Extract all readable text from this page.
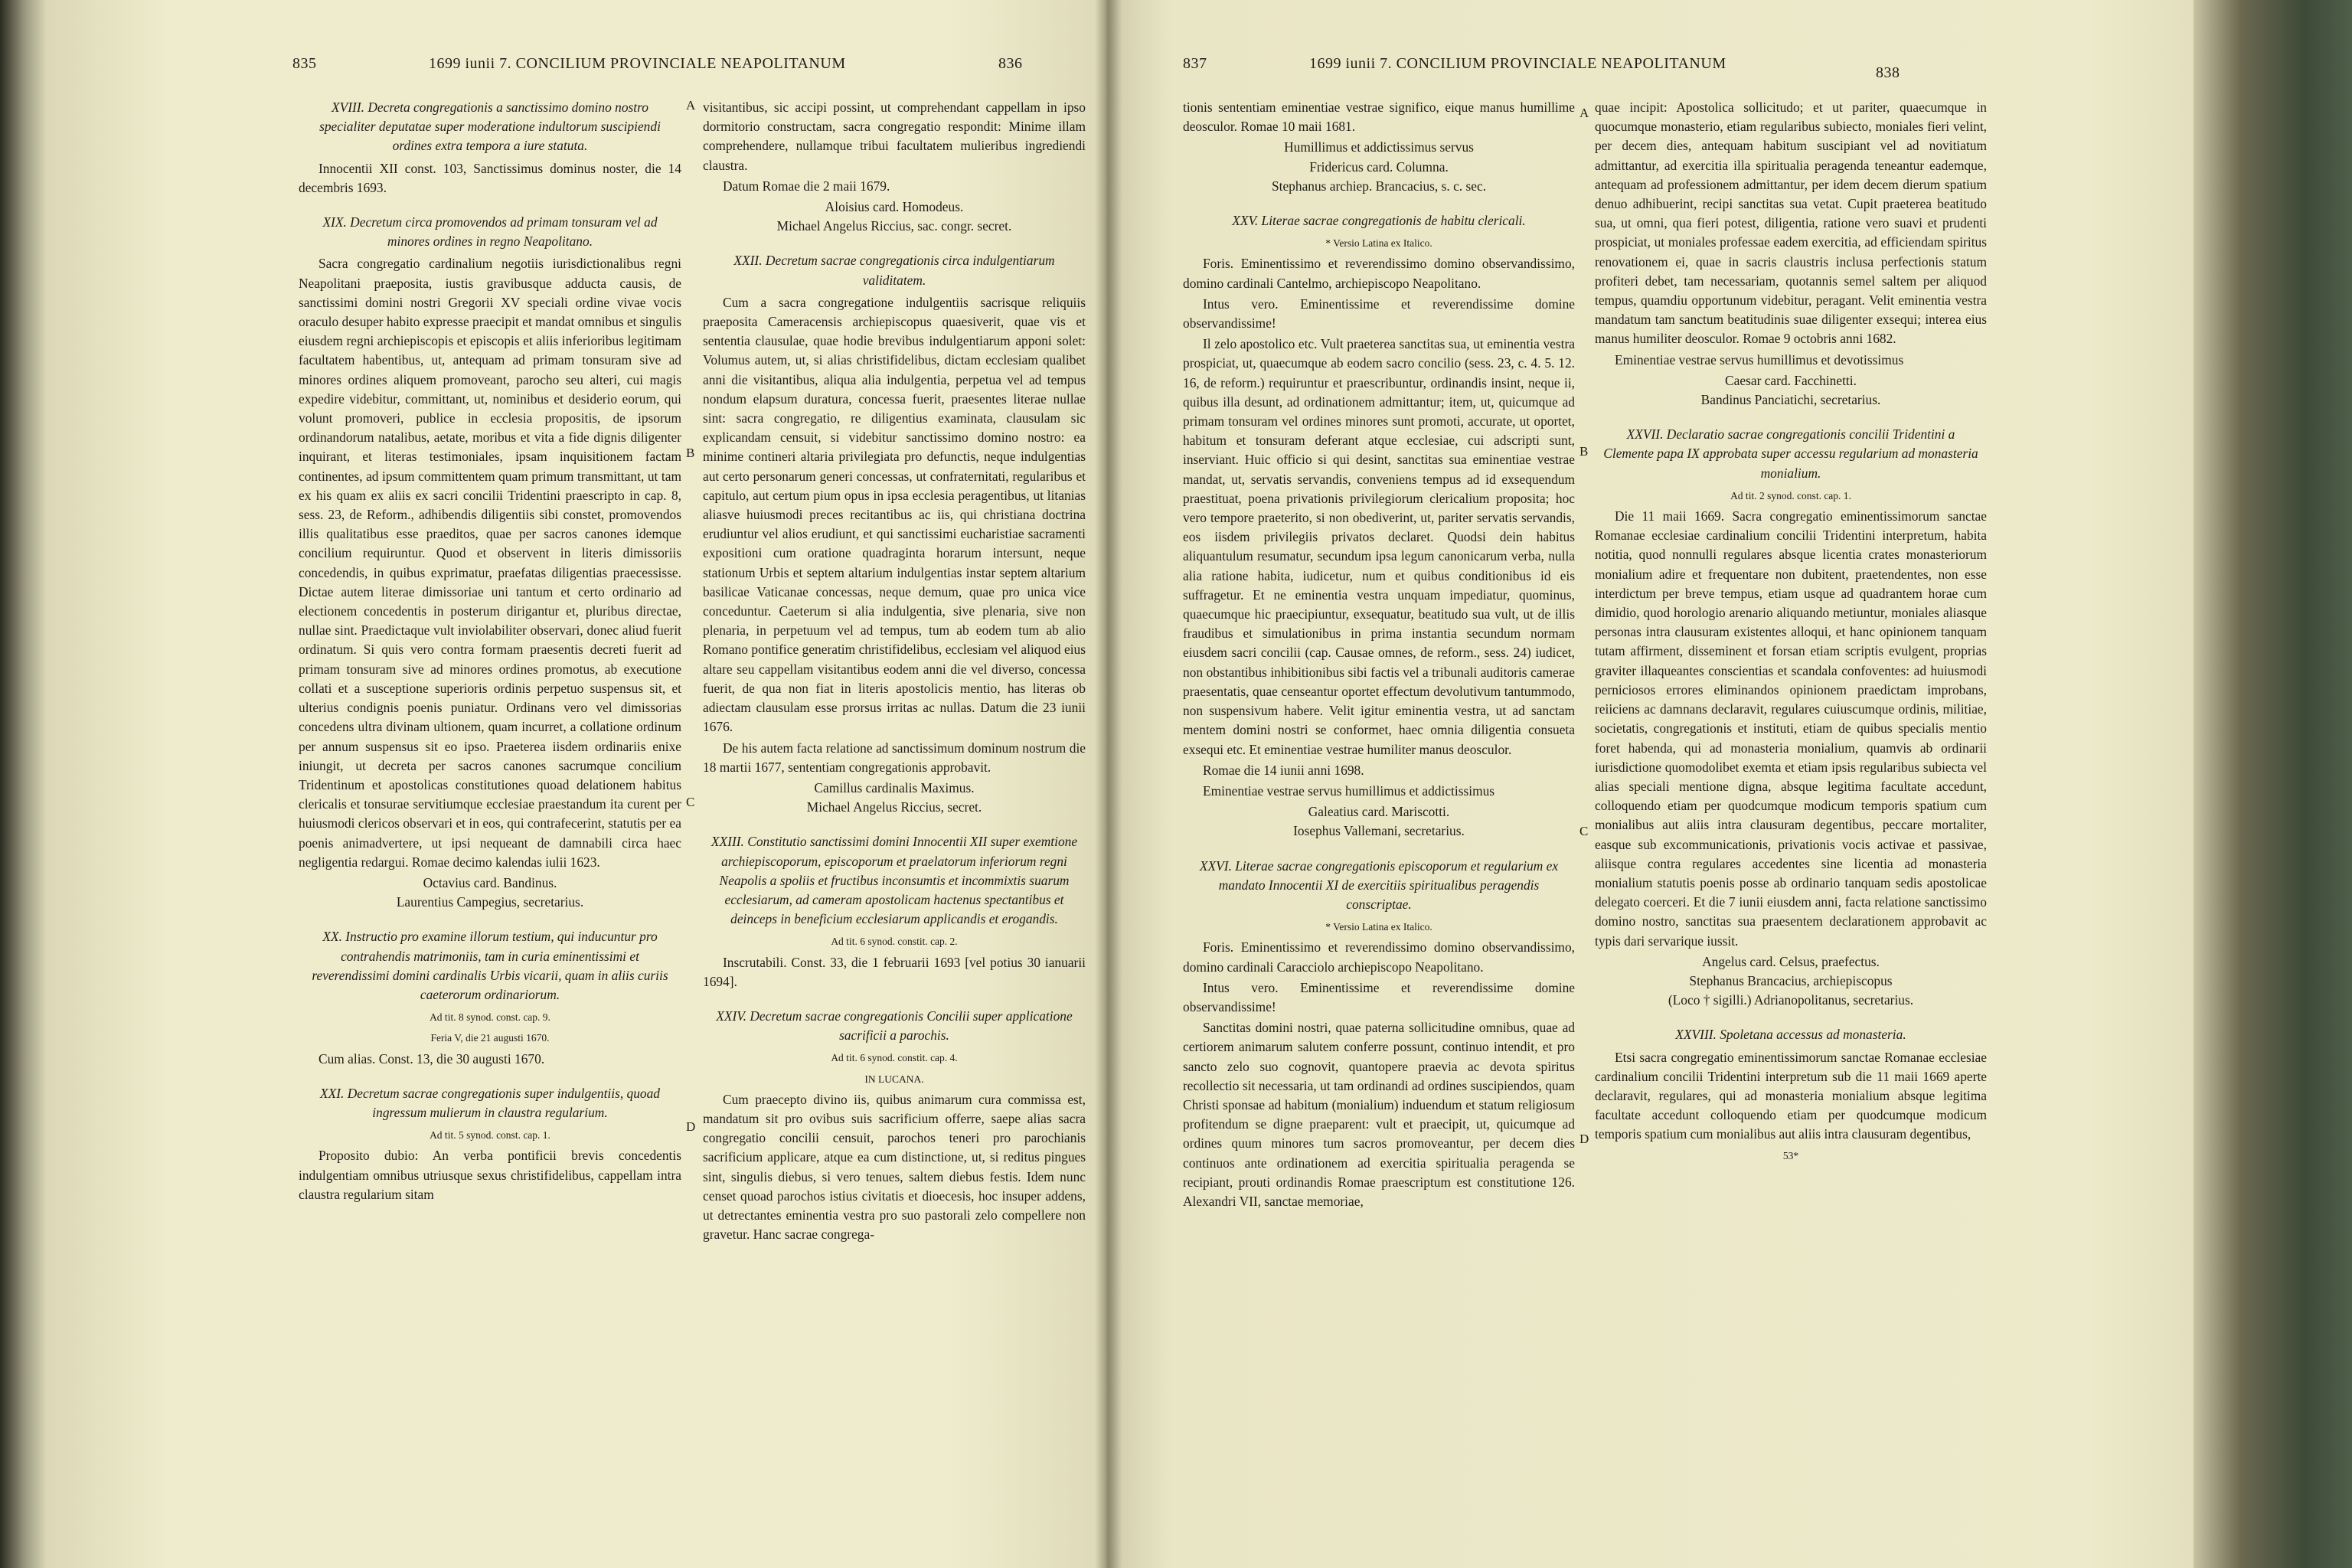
835	1699 iunii 7. CONCILIUM PROVINCIALE NEAPOLITANUM	836

XVIII. Decreta congregationis a sanctissimo domino nostro specialiter deputatae super moderatione indultorum suscipiendi ordines extra tempora a iure statuta.

Innocentii XII const. 103, Sanctissimus dominus noster, die 14 decembris 1693.

XIX. Decretum circa promovendos ad primam tonsuram vel ad minores ordines in regno Neapolitano.

Sacra congregatio cardinalium negotiis iurisdictionalibus regni Neapolitani praeposita, iustis gravibusque adducta causis, de sanctissimi domini nostri Gregorii XV speciali ordine vivae vocis oraculo desuper habito expresse praecipit et mandat omnibus et singulis eiusdem regni archiepiscopis et episcopis et aliis inferioribus legitimam facultatem habentibus, ut, antequam ad primam tonsuram sive ad minores ordines aliquem promoveant, parocho seu alteri, cui magis expedire videbitur, committant, ut, nominibus et desiderio eorum, qui volunt promoveri, publice in ecclesia propositis, de ipsorum ordinandorum natalibus, aetate, moribus et vita a fide dignis diligenter inquirant, et literas testimoniales, ipsam inquisitionem factam continentes, ad ipsum committentem quam primum transmittant, ut tam ex his quam ex aliis ex sacri concilii Tridentini praescripto in cap. 8, sess. 23, de Reform., adhibendis diligentiis sibi constet, promovendos illis qualitatibus esse praeditos, quae per sacros canones idemque concilium requiruntur. Quod et observent in literis dimissoriis concedendis, in quibus exprimatur, praefatas diligentias praecessisse. Dictae autem literae dimissoriae uni tantum et certo ordinario ad electionem concedentis in posterum dirigantur et, pluribus directae, nullae sint. Praedictaque vult inviolabiliter observari, donec aliud fuerit ordinatum. Si quis vero contra formam praesentis decreti fuerit ad primam tonsuram sive ad minores ordines promotus, ab executione collati et a susceptione superioris ordinis perpetuo suspensus sit, et ulterius condignis poenis puniatur. Ordinans vero vel dimissorias concedens ultra divinam ultionem, quam incurret, a collatione ordinum per annum suspensus sit eo ipso. Praeterea iisdem ordinariis enixe iniungit, ut decreta per sacros canones sacrumque concilium Tridentinum et apostolicas constitutiones quoad delationem habitus clericalis et tonsurae servitiumque ecclesiae praestandum ita curent per huiusmodi clericos observari et in eos, qui contrafecerint, statutis per ea poenis animadvertere, ut ipsi nequeant de damnabili circa haec negligentia redargui. Romae decimo kalendas iulii 1623.

Octavius card. Bandinus.

Laurentius Campegius, secretarius.

XX. Instructio pro examine illorum testium, qui inducuntur pro contrahendis matrimoniis, tam in curia eminentissimi et reverendissimi domini cardinalis Urbis vicarii, quam in aliis curiis caeterorum ordinariorum.

Ad tit. 8 synod. const. cap. 9.

Feria V, die 21 augusti 1670.

Cum alias. Const. 13, die 30 augusti 1670.

XXI. Decretum sacrae congregationis super indulgentiis, quoad ingressum mulierum in claustra regularium.

Ad tit. 5 synod. const. cap. 1.

Proposito dubio: An verba pontificii brevis concedentis indulgentiam omnibus utriusque sexus christifidelibus, cappellam intra claustra regularium sitam

visitantibus, sic accipi possint, ut comprehendant cappellam in ipso dormitorio constructam, sacra congregatio respondit: Minime illam comprehendere, nullamque tribui facultatem mulieribus ingrediendi claustra.

Datum Romae die 2 maii 1679.

Aloisius card. Homodeus.

Michael Angelus Riccius, sac. congr. secret.

XXII. Decretum sacrae congregationis circa indulgentiarum validitatem.

Cum a sacra congregatione indulgentiis sacrisque reliquiis praeposita Cameracensis archiepiscopus quaesiverit, quae vis et sententia clausulae, quae hodie brevibus indulgentiarum apponi solet: Volumus autem, ut, si alias christifidelibus, dictam ecclesiam qualibet anni die visitantibus, aliqua alia indulgentia, perpetua vel ad tempus nondum elapsum duratura, concessa fuerit, praesentes literae nullae sint: sacra congregatio, re diligentius examinata, clausulam sic explicandam censuit, si videbitur sanctissimo domino nostro: ea minime contineri altaria privilegiata pro defunctis, neque indulgentias aut certo personarum generi concessas, ut confraternitati, regularibus et capitulo, aut certum pium opus in ipsa ecclesia peragentibus, ut litanias aliasve huiusmodi preces recitantibus ac iis, qui christiana doctrina erudiuntur vel alios erudiunt, et qui sanctissimi eucharistiae sacramenti expositioni cum oratione quadraginta horarum intersunt, neque stationum Urbis et septem altarium indulgentias instar septem altarium basilicae Vaticanae concessas, neque demum, quae pro unica vice conceduntur. Caeterum si alia indulgentia, sive plenaria, sive non plenaria, in perpetuum vel ad tempus, tum ab eodem tum ab alio Romano pontifice generatim christifidelibus, ecclesiam vel aliquod eius altare seu cappellam visitantibus eodem anni die vel diverso, concessa fuerit, de qua non fiat in literis apostolicis mentio, has literas ob adiectam clausulam esse prorsus irritas ac nullas. Datum die 23 iunii 1676.

De his autem facta relatione ad sanctissimum dominum nostrum die 18 martii 1677, sententiam congregationis approbavit.

Camillus cardinalis Maximus.

Michael Angelus Riccius, secret.

XXIII. Constitutio sanctissimi domini Innocentii XII super exemtione archiepiscoporum, episcoporum et praelatorum inferiorum regni Neapolis a spoliis et fructibus inconsumtis et incommixtis suarum ecclesiarum, ad cameram apostolicam hactenus spectantibus et deinceps in beneficium ecclesiarum applicandis et erogandis.

Ad tit. 6 synod. constit. cap. 2.

Inscrutabili. Const. 33, die 1 februarii 1693 [vel potius 30 ianuarii 1694].

XXIV. Decretum sacrae congregationis Concilii super applicatione sacrificii a parochis.

Ad tit. 6 synod. constit. cap. 4.

IN LUCANA.

Cum praecepto divino iis, quibus animarum cura commissa est, mandatum sit pro ovibus suis sacrificium offerre, saepe alias sacra congregatio concilii censuit, parochos teneri pro parochianis sacrificium applicare, atque ea cum distinctione, ut, si reditus pingues sint, singulis diebus, si vero tenues, saltem diebus festis. Idem nunc censet quoad parochos istius civitatis et dioecesis, hoc insuper addens, ut detrectantes eminentia vestra pro suo pastorali zelo compellere non gravetur. Hanc sacrae congrega-

A
B
C
D
837	1699 iunii 7. CONCILIUM PROVINCIALE NEAPOLITANUM
838

tionis sententiam eminentiae vestrae significo, eique manus humillime deosculor. Romae 10 maii 1681.

Humillimus et addictissimus servus

Fridericus card. Columna.

Stephanus archiep. Brancacius, s. c. sec.

XXV. Literae sacrae congregationis de habitu clericali.

* Versio Latina ex Italico.

Foris. Eminentissimo et reverendissimo domino observandissimo, domino cardinali Cantelmo, archiepiscopo Neapolitano.

Intus vero. Eminentissime et reverendissime domine observandissime!

Il zelo apostolico etc. Vult praeterea sanctitas sua, ut eminentia vestra prospiciat, ut, quaecumque ab eodem sacro concilio (sess. 23, c. 4. 5. 12. 16, de reform.) requiruntur et praescribuntur, ordinandis insint, neque ii, quibus illa desunt, ad ordinationem admittantur; item, ut, quicumque ad primam tonsuram vel ordines minores sunt promoti, accurate, ut oportet, habitum et tonsuram deferant atque ecclesiae, cui adscripti sunt, inserviant. Huic officio si qui desint, sanctitas sua eminentiae vestrae mandat, ut, servatis servandis, conveniens tempus ad id exsequendum praestituat, poena privationis privilegiorum clericalium proposita; hoc vero tempore praeterito, si non obediverint, ut, pariter servatis servandis, eos iisdem privilegiis privatos declaret. Quodsi dein habitus aliquantulum resumatur, secundum ipsa legum canonicarum verba, nulla alia ratione habita, iudicetur, num et quibus conditionibus id eis suffragetur. Et ne eminentia vestra unquam impediatur, quominus, quaecumque hic praecipiuntur, exsequatur, beatitudo sua vult, ut de illis fraudibus et simulationibus in prima instantia secundum normam eiusdem sacri concilii (cap. Causae omnes, de reform., sess. 24) iudicet, non obstantibus inhibitionibus sibi factis vel a tribunali auditoris camerae praesentatis, quae censeantur oportet effectum devolutivum tantummodo, non suspensivum habere. Velit igitur eminentia vestra, ut ad sanctam mentem domini nostri se conformet, haec omnia diligentia consueta exsequi etc. Et eminentiae vestrae humiliter manus deosculor.

Romae die 14 iunii anni 1698.

Eminentiae vestrae servus humillimus et addictissimus

Galeatius card. Mariscotti.

Iosephus Vallemani, secretarius.

XXVI. Literae sacrae congregationis episcoporum et regularium ex mandato Innocentii XI de exercitiis spiritualibus peragendis conscriptae.

* Versio Latina ex Italico.

Foris. Eminentissimo et reverendissimo domino observandissimo, domino cardinali Caracciolo archiepiscopo Neapolitano.

Intus vero. Eminentissime et reverendissime domine observandissime!

Sanctitas domini nostri, quae paterna sollicitudine omnibus, quae ad certiorem animarum salutem conferre possunt, continuo intendit, et pro sancto zelo suo cognovit, quantopere praevia ac devota spiritus recollectio sit necessaria, ut tam ordinandi ad ordines suscipiendos, quam Christi sponsae ad habitum (monialium) induendum et statum religiosum profitendum se digne praeparent: vult et praecipit, ut, quicumque ad ordines quum minores tum sacros promoveantur, per decem dies continuos ante ordinationem ad exercitia spiritualia peragenda se recipiant, prouti ordinandis Romae praescriptum est constitutione 126. Alexandri VII, sanctae memoriae,

quae incipit: Apostolica sollicitudo; et ut pariter, quaecumque in quocumque monasterio, etiam regularibus subiecto, moniales fieri velint, per decem dies, antequam habitum suscipiant vel ad novitiatum admittantur, ad exercitia illa spiritualia peragenda teneantur eademque, antequam ad professionem admittantur, per idem decem dierum spatium denuo adhibuerint, recipi sanctitas sua vetat. Cupit praeterea beatitudo sua, ut omni, qua fieri potest, diligentia, ratione vero suavi et prudenti prospiciat, ut moniales professae eadem exercitia, ad efficiendam spiritus renovationem ei, quae in sacris claustris inclusa perfectionis statum profiteri debet, tam necessariam, quotannis semel saltem per aliquod tempus, quamdiu opportunum videbitur, peragant. Velit eminentia vestra mandatum tam sanctum beatitudinis suae diligenter exsequi; interea eius manus humiliter deosculor. Romae 9 octobris anni 1682.

Eminentiae vestrae servus humillimus et devotissimus

Caesar card. Facchinetti.

Bandinus Panciatichi, secretarius.

XXVII. Declaratio sacrae congregationis concilii Tridentini a Clemente papa IX approbata super accessu regularium ad monasteria monialium.

Ad tit. 2 synod. const. cap. 1.

Die 11 maii 1669. Sacra congregatio eminentissimorum sanctae Romanae ecclesiae cardinalium concilii Tridentini interpretum, habita notitia, quod nonnulli regulares absque licentia crates monasteriorum monialium adire et frequentare non dubitent, praetendentes, non esse interdictum per breve tempus, etiam usque ad quadrantem horae cum dimidio, quod horologio arenario aliquando metiuntur, moniales aliasque personas intra clausuram existentes alloqui, et hanc opinionem tanquam tutam affirment, disseminent et forsan etiam scriptis evulgent, proprias graviter illaqueantes conscientias et scandala confoventes: ad huiusmodi perniciosos errores eliminandos opinionem praedictam improbans, reiiciens ac damnans declaravit, regulares cuiuscumque ordinis, militiae, societatis, congregationis et instituti, etiam de quibus specialis mentio foret habenda, qui ad monasteria monialium, quamvis ab ordinarii iurisdictione quomodolibet exemta et etiam ipsis regularibus subiecta vel alias speciali mentione digna, absque legitima facultate accedunt, colloquendo etiam per quodcumque modicum temporis spatium cum monialibus aut aliis intra clausuram degentibus, peccare mortaliter, easque sub excommunicationis, privationis vocis activae et passivae, aliisque contra regulares accedentes sine licentia ad monasteria monialium statutis poenis posse ab ordinario tanquam sedis apostolicae delegato coerceri. Et die 7 iunii eiusdem anni, facta relatione sanctissimo domino nostro, sanctitas sua praesentem declarationem approbavit ac typis dari servarique iussit.

Angelus card. Celsus, praefectus.

Stephanus Brancacius, archiepiscopus

(Loco † sigilli.) Adrianopolitanus, secretarius.

XXVIII. Spoletana accessus ad monasteria.

Etsi sacra congregatio eminentissimorum sanctae Romanae ecclesiae cardinalium concilii Tridentini interpretum sub die 11 maii 1669 aperte declaravit, regulares, qui ad monasteria monialium absque legitima facultate accedunt colloquendo etiam per quodcumque modicum temporis spatium cum monialibus aut aliis intra clausuram degentibus,

53*

A
B
C
D
